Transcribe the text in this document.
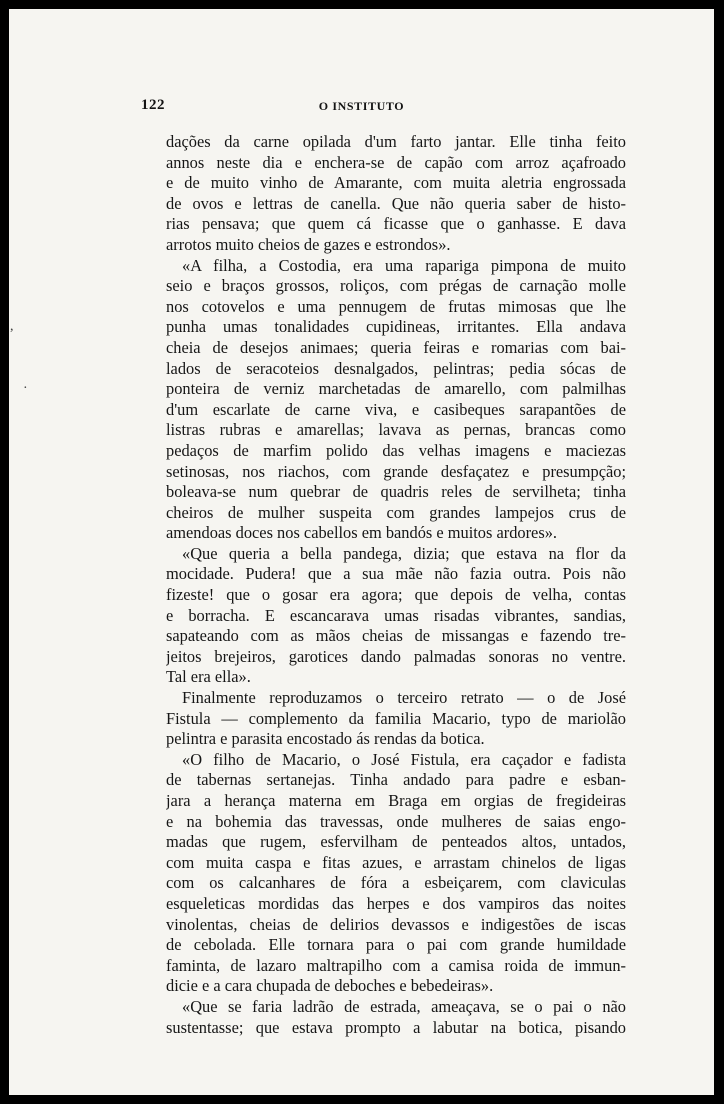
122	O INSTITUTO
dações da carne opilada d'um farto jantar. Elle tinha feito
annos neste dia e enchera-se de capão com arroz açafroado
e de muito vinho de Amarante, com muita aletria engrossada
de ovos e lettras de canella. Que não queria saber de histo-
rias pensava; que quem cá ficasse que o ganhasse. E dava
arrotos muito cheios de gazes e estrondos».
«A filha, a Costodia, era uma rapariga pimpona de muito
seio e braços grossos, roliços, com prégas de carnação molle
nos cotovelos e uma pennugem de frutas mimosas que lhe
punha umas tonalidades cupidineas, irritantes. Ella andava
cheia de desejos animaes; queria feiras e romarias com bai-
lados de seracoteios desnalgados, pelintras; pedia sócas de
ponteira de verniz marchetadas de amarello, com palmilhas
d'um escarlate de carne viva, e casibeques sarapantões de
listras rubras e amarellas; lavava as pernas, brancas como
pedaços de marfim polido das velhas imagens e maciezas
setinosas, nos riachos, com grande desfaçatez e presumpção;
boleava-se num quebrar de quadris reles de servilheta; tinha
cheiros de mulher suspeita com grandes lampejos crus de
amendoas doces nos cabellos em bandós e muitos ardores».
«Que queria a bella pandega, dizia; que estava na flor da
mocidade. Pudera! que a sua mãe não fazia outra. Pois não
fizeste! que o gosar era agora; que depois de velha, contas
e borracha. E escancarava umas risadas vibrantes, sandias,
sapateando com as mãos cheias de missangas e fazendo tre-
jeitos brejeiros, garotices dando palmadas sonoras no ventre.
Tal era ella».
Finalmente reproduzamos o terceiro retrato — o de José
Fistula — complemento da familia Macario, typo de mariolão
pelintra e parasita encostado ás rendas da botica.
«O filho de Macario, o José Fistula, era caçador e fadista
de tabernas sertanejas. Tinha andado para padre e esban-
jara a herança materna em Braga em orgias de fregideiras
e na bohemia das travessas, onde mulheres de saias engo-
madas que rugem, esfervilham de penteados altos, untados,
com muita caspa e fitas azues, e arrastam chinelos de ligas
com os calcanhares de fóra a esbeiçarem, com claviculas
esqueleticas mordidas das herpes e dos vampiros das noites
vinolentas, cheias de delirios devassos e indigestões de iscas
de cebolada. Elle tornara para o pai com grande humildade
faminta, de lazaro maltrapilho com a camisa roida de immun-
dicie e a cara chupada de deboches e bebedeiras».
«Que se faria ladrão de estrada, ameaçava, se o pai o não
sustentasse; que estava prompto a labutar na botica, pisando
,
·
